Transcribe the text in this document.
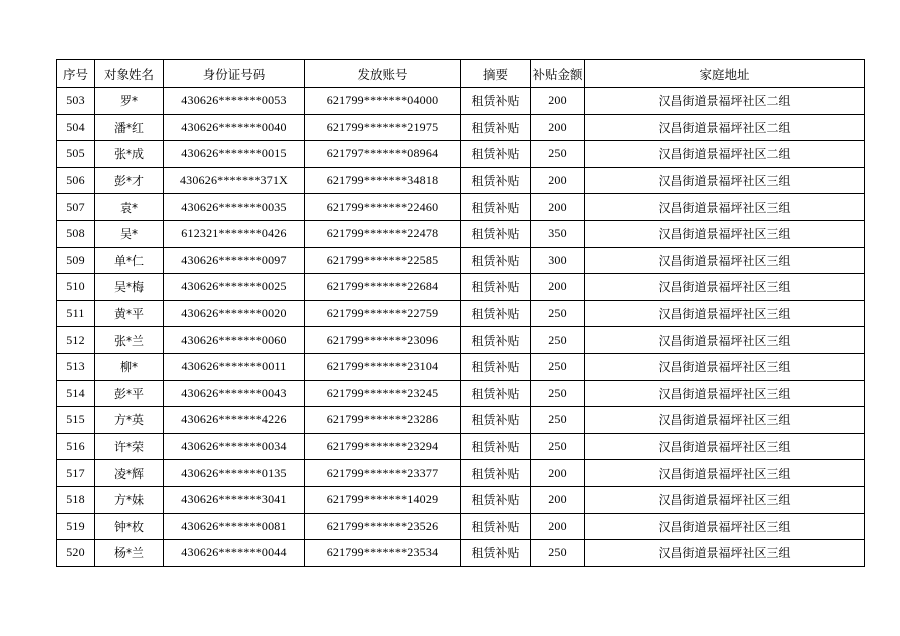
序号	对象姓名	身份证号码	发放账号	摘要	补贴金额	家庭地址
503	罗*	430626*******0053	621799*******04000	租赁补贴	200	汉昌街道景福坪社区二组
504	潘*红	430626*******0040	621799*******21975	租赁补贴	200	汉昌街道景福坪社区二组
505	张*成	430626*******0015	621797*******08964	租赁补贴	250	汉昌街道景福坪社区二组
506	彭*才	430626*******371X	621799*******34818	租赁补贴	200	汉昌街道景福坪社区三组
507	袁*	430626*******0035	621799*******22460	租赁补贴	200	汉昌街道景福坪社区三组
508	吴*	612321*******0426	621799*******22478	租赁补贴	350	汉昌街道景福坪社区三组
509	单*仁	430626*******0097	621799*******22585	租赁补贴	300	汉昌街道景福坪社区三组
510	吴*梅	430626*******0025	621799*******22684	租赁补贴	200	汉昌街道景福坪社区三组
511	黄*平	430626*******0020	621799*******22759	租赁补贴	250	汉昌街道景福坪社区三组
512	张*兰	430626*******0060	621799*******23096	租赁补贴	250	汉昌街道景福坪社区三组
513	柳*	430626*******0011	621799*******23104	租赁补贴	250	汉昌街道景福坪社区三组
514	彭*平	430626*******0043	621799*******23245	租赁补贴	250	汉昌街道景福坪社区三组
515	方*英	430626*******4226	621799*******23286	租赁补贴	250	汉昌街道景福坪社区三组
516	许*荣	430626*******0034	621799*******23294	租赁补贴	250	汉昌街道景福坪社区三组
517	凌*辉	430626*******0135	621799*******23377	租赁补贴	200	汉昌街道景福坪社区三组
518	方*妹	430626*******3041	621799*******14029	租赁补贴	200	汉昌街道景福坪社区三组
519	钟*枚	430626*******0081	621799*******23526	租赁补贴	200	汉昌街道景福坪社区三组
520	杨*兰	430626*******0044	621799*******23534	租赁补贴	250	汉昌街道景福坪社区三组
